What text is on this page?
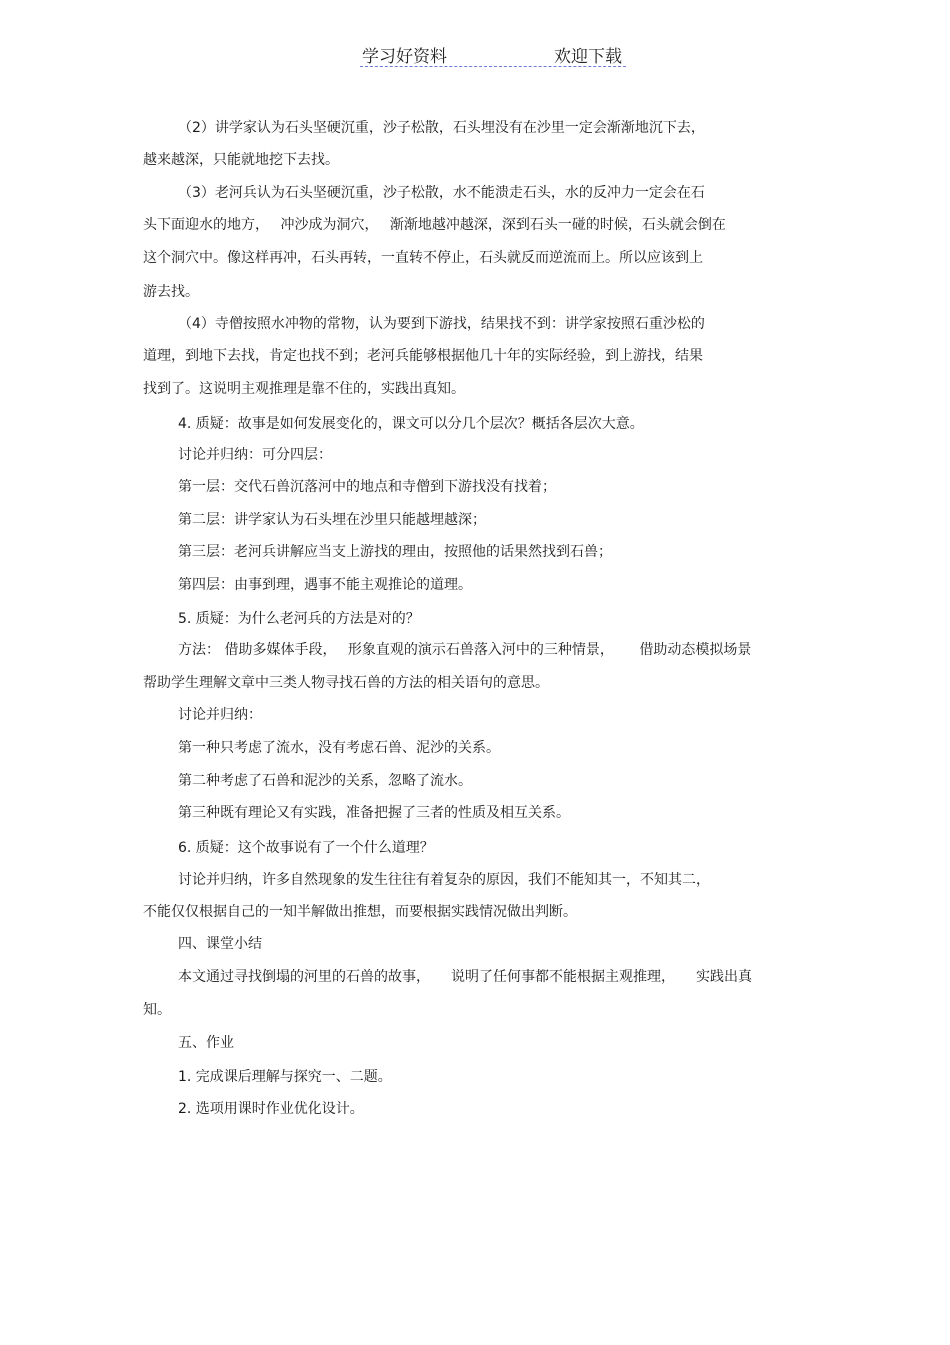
学习好资料	欢迎下载
（2）讲学家认为石头坚硬沉重，沙子松散，石头埋没有在沙里一定会渐渐地沉下去，
越来越深，只能就地挖下去找。
（3）老河兵认为石头坚硬沉重，沙子松散，水不能溃走石头，水的反冲力一定会在石
头下面迎水的地方，　 冲沙成为洞穴，　 渐渐地越冲越深，深到石头一碰的时候，石头就会倒在
这个洞穴中。像这样再冲，石头再转，一直转不停止，石头就反而逆流而上。所以应该到上
游去找。
（4）寺僧按照水冲物的常物，认为要到下游找，结果找不到：讲学家按照石重沙松的
道理，到地下去找，肯定也找不到；老河兵能够根据他几十年的实际经验，到上游找，结果
找到了。这说明主观推理是靠不住的，实践出真知。
4. 质疑：故事是如何发展变化的，课文可以分几个层次？概括各层次大意。
讨论并归纳：可分四层：
第一层：交代石兽沉落河中的地点和寺僧到下游找没有找着；
第二层：讲学家认为石头埋在沙里只能越埋越深；
第三层：老河兵讲解应当支上游找的理由，按照他的话果然找到石兽；
第四层：由事到理，遇事不能主观推论的道理。
5. 质疑：为什么老河兵的方法是对的？
方法： 借助多媒体手段，　 形象直观的演示石兽落入河中的三种情景，　　 借助动态模拟场景
帮助学生理解文章中三类人物寻找石兽的方法的相关语句的意思。
讨论并归纳：
第一种只考虑了流水，没有考虑石兽、泥沙的关系。
第二种考虑了石兽和泥沙的关系，忽略了流水。
第三种既有理论又有实践，准备把握了三者的性质及相互关系。
6. 质疑：这个故事说有了一个什么道理？
讨论并归纳，许多自然现象的发生往往有着复杂的原因，我们不能知其一，不知其二，
不能仅仅根据自己的一知半解做出推想，而要根据实践情况做出判断。
四、课堂小结
本文通过寻找倒塌的河里的石兽的故事，　　说明了任何事都不能根据主观推理，　　实践出真
知。
五、作业
1. 完成课后理解与探究一、二题。
2. 选项用课时作业优化设计。
